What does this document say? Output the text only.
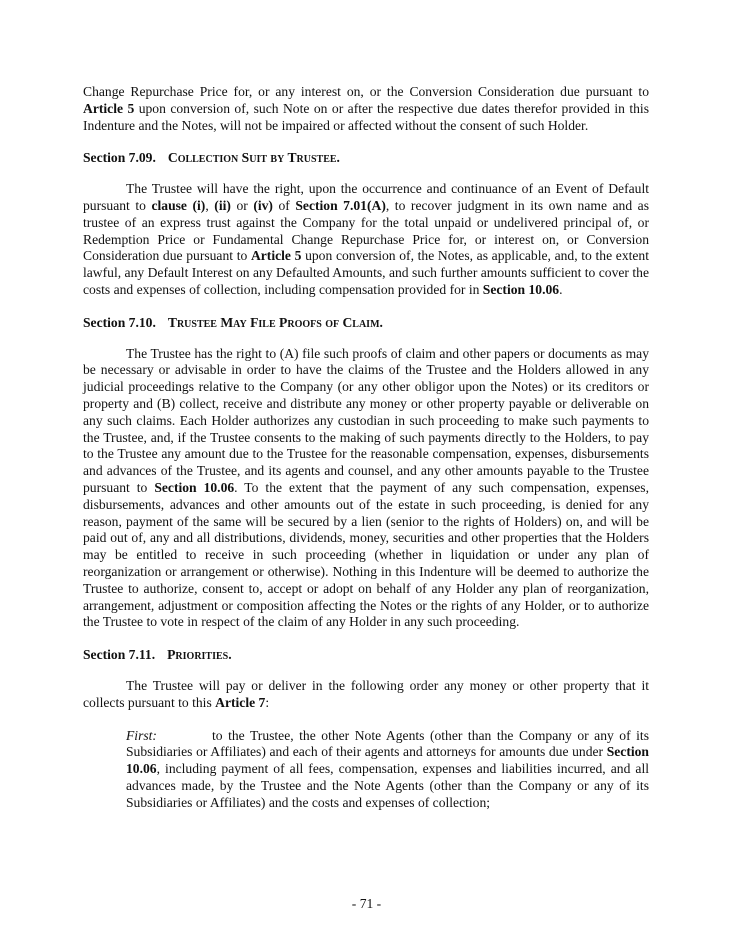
Change Repurchase Price for, or any interest on, or the Conversion Consideration due pursuant to Article 5 upon conversion of, such Note on or after the respective due dates therefor provided in this Indenture and the Notes, will not be impaired or affected without the consent of such Holder.

Section 7.09. Collection Suit by Trustee.

The Trustee will have the right, upon the occurrence and continuance of an Event of Default pursuant to clause (i), (ii) or (iv) of Section 7.01(A), to recover judgment in its own name and as trustee of an express trust against the Company for the total unpaid or undelivered principal of, or Redemption Price or Fundamental Change Repurchase Price for, or interest on, or Conversion Consideration due pursuant to Article 5 upon conversion of, the Notes, as applicable, and, to the extent lawful, any Default Interest on any Defaulted Amounts, and such further amounts sufficient to cover the costs and expenses of collection, including compensation provided for in Section 10.06.

Section 7.10. Trustee May File Proofs of Claim.

The Trustee has the right to (A) file such proofs of claim and other papers or documents as may be necessary or advisable in order to have the claims of the Trustee and the Holders allowed in any judicial proceedings relative to the Company (or any other obligor upon the Notes) or its creditors or property and (B) collect, receive and distribute any money or other property payable or deliverable on any such claims. Each Holder authorizes any custodian in such proceeding to make such payments to the Trustee, and, if the Trustee consents to the making of such payments directly to the Holders, to pay to the Trustee any amount due to the Trustee for the reasonable compensation, expenses, disbursements and advances of the Trustee, and its agents and counsel, and any other amounts payable to the Trustee pursuant to Section 10.06. To the extent that the payment of any such compensation, expenses, disbursements, advances and other amounts out of the estate in such proceeding, is denied for any reason, payment of the same will be secured by a lien (senior to the rights of Holders) on, and will be paid out of, any and all distributions, dividends, money, securities and other properties that the Holders may be entitled to receive in such proceeding (whether in liquidation or under any plan of reorganization or arrangement or otherwise). Nothing in this Indenture will be deemed to authorize the Trustee to authorize, consent to, accept or adopt on behalf of any Holder any plan of reorganization, arrangement, adjustment or composition affecting the Notes or the rights of any Holder, or to authorize the Trustee to vote in respect of the claim of any Holder in any such proceeding.

Section 7.11. Priorities.

The Trustee will pay or deliver in the following order any money or other property that it collects pursuant to this Article 7:

First:	to the Trustee, the other Note Agents (other than the Company or any of its Subsidiaries or Affiliates) and each of their agents and attorneys for amounts due under Section 10.06, including payment of all fees, compensation, expenses and liabilities incurred, and all advances made, by the Trustee and the Note Agents (other than the Company or any of its Subsidiaries or Affiliates) and the costs and expenses of collection;

- 71 -
